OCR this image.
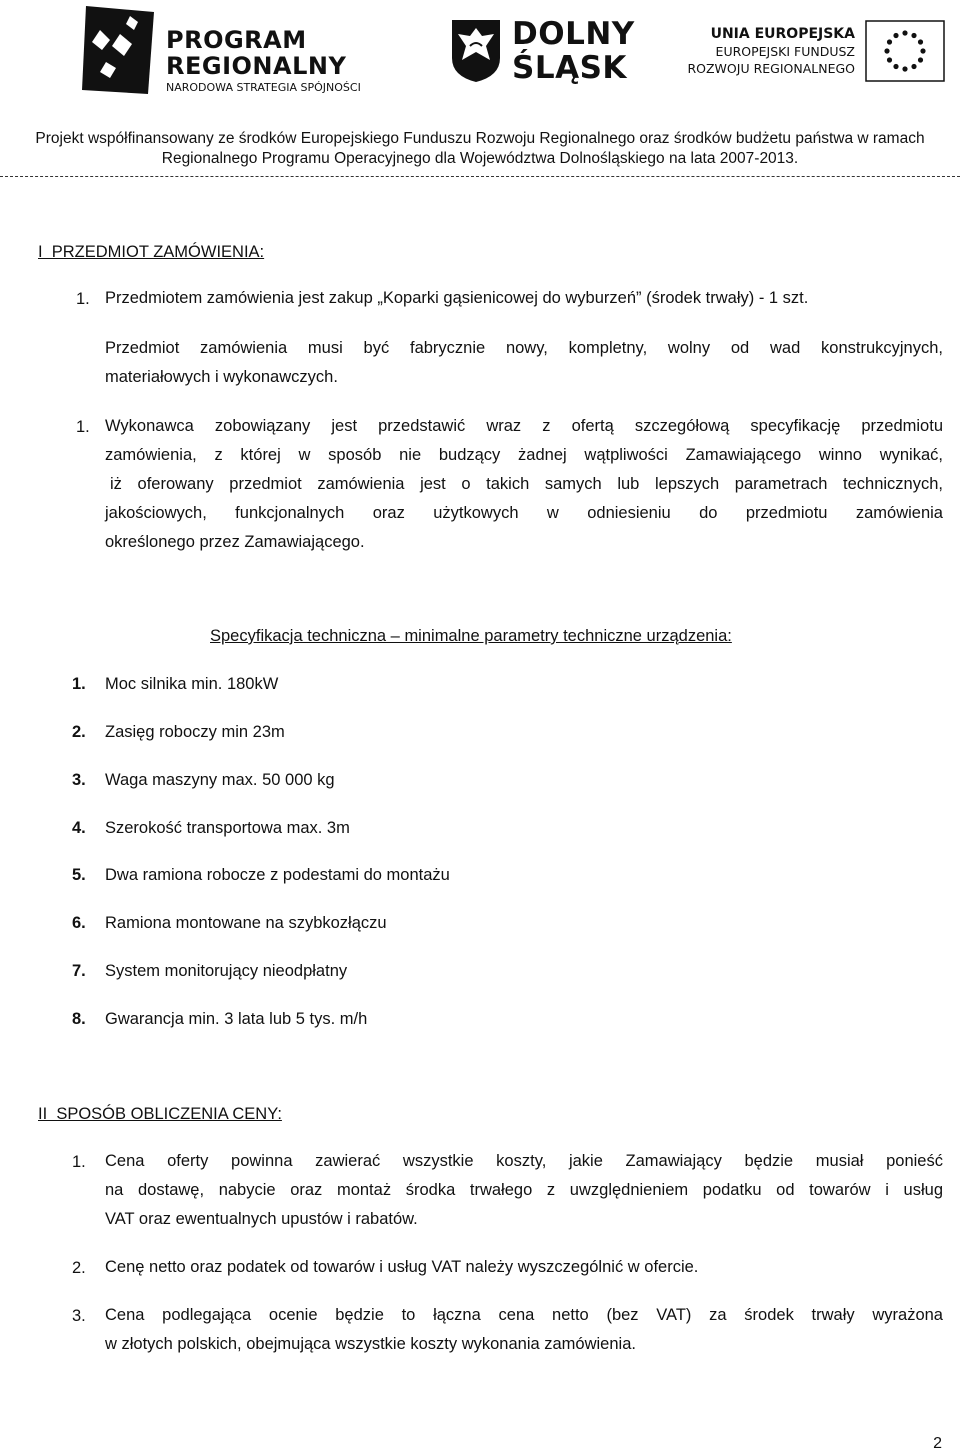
PROGRAM
REGIONALNY
NARODOWA STRATEGIA SPÓJNOŚCI
DOLNY
ŚLĄSK
UNIA EUROPEJSKA
EUROPEJSKI FUNDUSZ
ROZWOJU REGIONALNEGO
Projekt współfinansowany ze środków Europejskiego Funduszu Rozwoju Regionalnego oraz środków budżetu państwa w ramach
Regionalnego Programu Operacyjnego dla Województwa Dolnośląskiego na lata 2007-2013.
I  PRZEDMIOT ZAMÓWIENIA:
1. Przedmiotem zamówienia jest zakup „Koparki gąsienicowej do wyburzeń” (środek trwały) - 1 szt.
Przedmiot zamówienia musi być fabrycznie nowy, kompletny, wolny od wad konstrukcyjnych,
materiałowych i wykonawczych.
1. Wykonawca zobowiązany jest przedstawić wraz z ofertą szczegółową specyfikację przedmiotu
zamówienia, z której w sposób nie budzący żadnej wątpliwości Zamawiającego winno wynikać,
iż oferowany przedmiot zamówienia jest o takich samych lub lepszych parametrach technicznych,
jakościowych, funkcjonalnych oraz użytkowych w odniesieniu do przedmiotu zamówienia
określonego przez Zamawiającego.
Specyfikacja techniczna – minimalne parametry techniczne urządzenia:
1. Moc silnika min. 180kW
2. Zasięg roboczy min 23m
3. Waga maszyny max. 50 000 kg
4. Szerokość transportowa max. 3m
5. Dwa ramiona robocze z podestami do montażu
6. Ramiona montowane na szybkozłączu
7. System monitorujący nieodpłatny
8. Gwarancja min. 3 lata lub 5 tys. m/h
II  SPOSÓB OBLICZENIA CENY:
1. Cena oferty powinna zawierać wszystkie koszty, jakie Zamawiający będzie musiał ponieść
na dostawę, nabycie oraz montaż środka trwałego z uwzględnieniem podatku od towarów i usług
VAT oraz ewentualnych upustów i rabatów.
2. Cenę netto oraz podatek od towarów i usług VAT należy wyszczególnić w ofercie.
3. Cena podlegająca ocenie będzie to łączna cena netto (bez VAT) za środek trwały wyrażona
w złotych polskich, obejmująca wszystkie koszty wykonania zamówienia.
2
